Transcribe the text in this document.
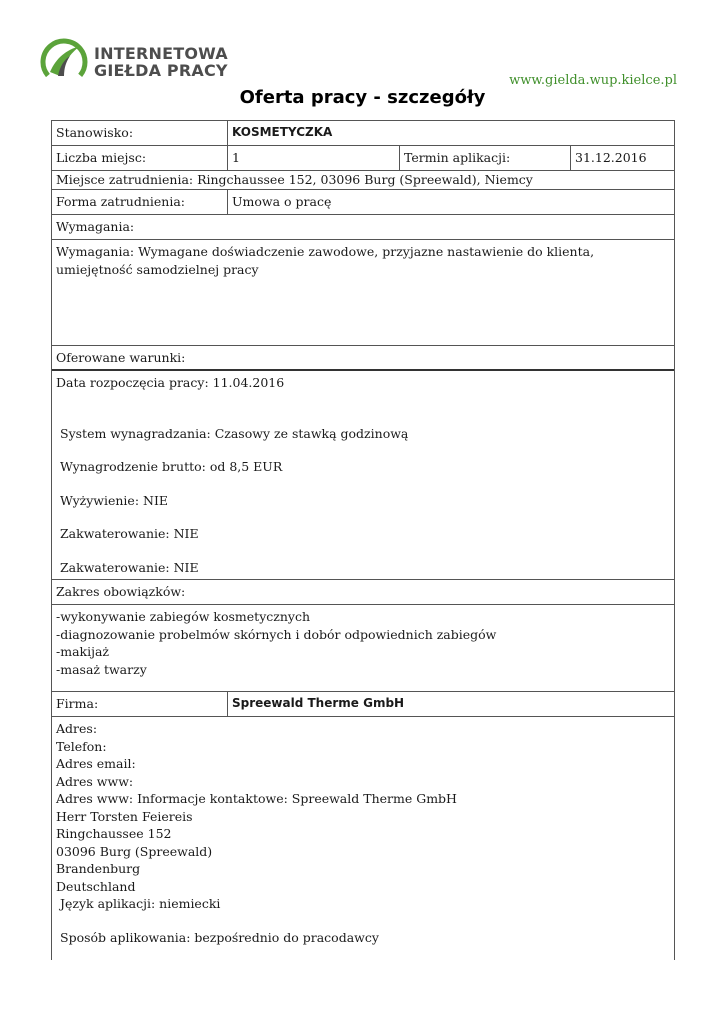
INTERNETOWA
GIEŁDA PRACY
www.gielda.wup.kielce.pl
Oferta pracy - szczegóły
Stanowisko:	KOSMETYCZKA
Liczba miejsc:	1	Termin aplikacji:	31.12.2016
Miejsce zatrudnienia: Ringchaussee 152, 03096 Burg (Spreewald), Niemcy
Forma zatrudnienia:	Umowa o pracę
Wymagania:
Wymagania: Wymagane doświadczenie zawodowe, przyjazne nastawienie do klienta, umiejętność samodzielnej pracy
Oferowane warunki:
Data rozpoczęcia pracy: 11.04.2016
System wynagradzania: Czasowy ze stawką godzinową
Wynagrodzenie brutto: od 8,5 EUR
Wyżywienie: NIE
Zakwaterowanie: NIE
Zakwaterowanie: NIE
Zakres obowiązków:
-wykonywanie zabiegów kosmetycznych
-diagnozowanie probelmów skórnych i dobór odpowiednich zabiegów
-makijaż
-masaż twarzy
Firma:	Spreewald Therme GmbH
Adres:
Telefon:
Adres email:
Adres www:
Adres www: Informacje kontaktowe: Spreewald Therme GmbH
Herr Torsten Feiereis
Ringchaussee 152
03096 Burg (Spreewald)
Brandenburg
Deutschland
Język aplikacji: niemiecki
Sposób aplikowania: bezpośrednio do pracodawcy
